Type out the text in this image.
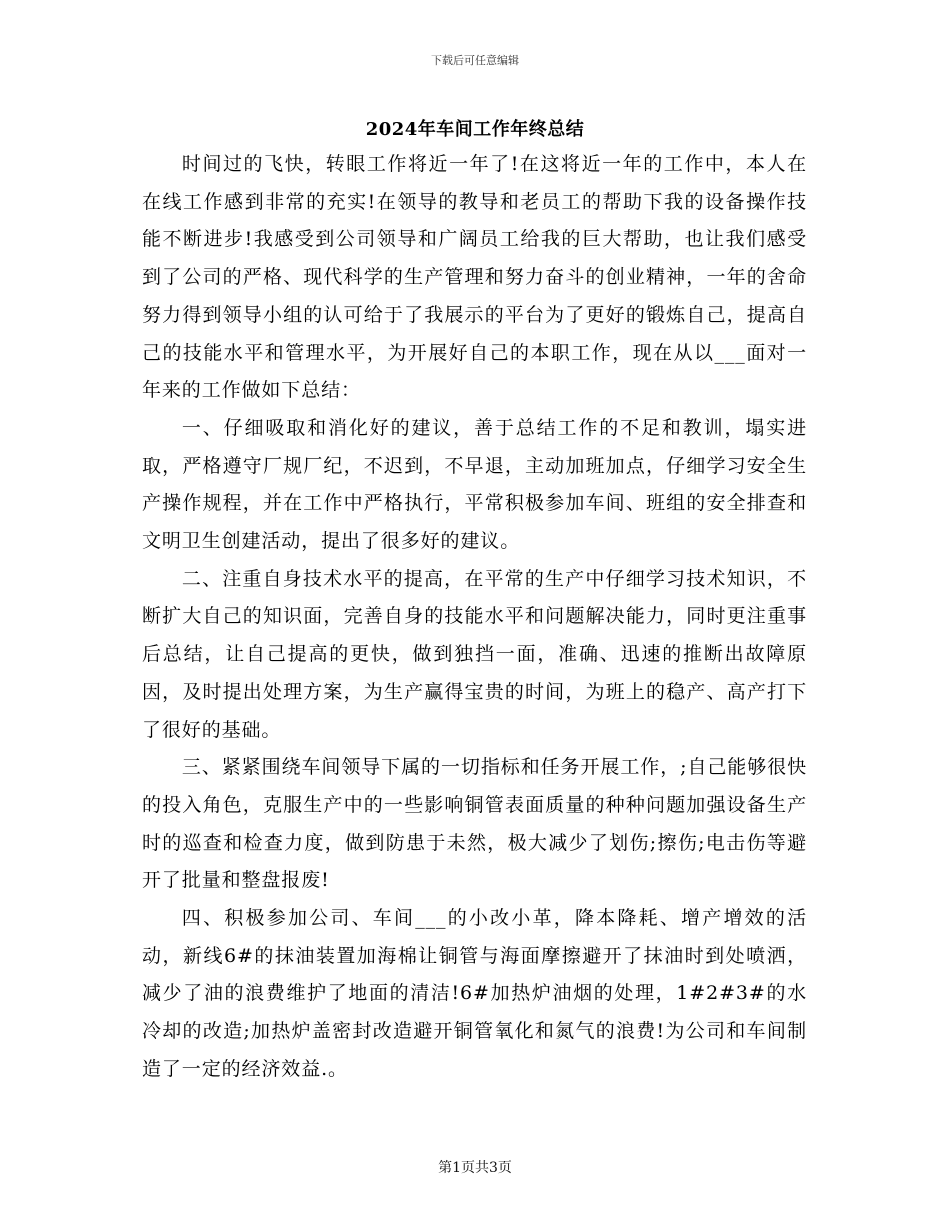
下载后可任意编辑
2024年车间工作年终总结

时间过的飞快，转眼工作将近一年了!在这将近一年的工作中，本人在在线工作感到非常的充实!在领导的教导和老员工的帮助下我的设备操作技能不断进步!我感受到公司领导和广阔员工给我的巨大帮助，也让我们感受到了公司的严格、现代科学的生产管理和努力奋斗的创业精神，一年的舍命努力得到领导小组的认可给于了我展示的平台为了更好的锻炼自己，提高自己的技能水平和管理水平，为开展好自己的本职工作，现在从以___面对一年来的工作做如下总结：

一、仔细吸取和消化好的建议，善于总结工作的不足和教训，塌实进取，严格遵守厂规厂纪，不迟到，不早退，主动加班加点，仔细学习安全生产操作规程，并在工作中严格执行，平常积极参加车间、班组的安全排查和文明卫生创建活动，提出了很多好的建议。

二、注重自身技术水平的提高，在平常的生产中仔细学习技术知识，不断扩大自己的知识面，完善自身的技能水平和问题解决能力，同时更注重事后总结，让自己提高的更快，做到独挡一面，准确、迅速的推断出故障原因，及时提出处理方案，为生产赢得宝贵的时间，为班上的稳产、高产打下了很好的基础。

三、紧紧围绕车间领导下属的一切指标和任务开展工作，;自己能够很快的投入角色，克服生产中的一些影响铜管表面质量的种种问题加强设备生产时的巡查和检查力度，做到防患于未然，极大减少了划伤;擦伤;电击伤等避开了批量和整盘报废!

四、积极参加公司、车间___的小改小革，降本降耗、增产增效的活动，新线6#的抹油装置加海棉让铜管与海面摩擦避开了抹油时到处喷洒，减少了油的浪费维护了地面的清洁!6#加热炉油烟的处理，1#2#3#的水冷却的改造;加热炉盖密封改造避开铜管氧化和氮气的浪费!为公司和车间制造了一定的经济效益.。

第1页共3页
